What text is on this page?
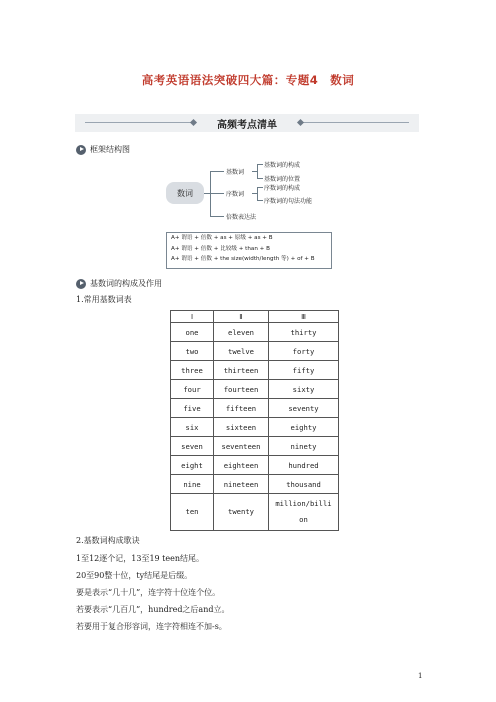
高考英语语法突破四大篇：专题4　数词
高频考点清单
框架结构图
数词
基数词
序数词
倍数表达法
基数词的构成
基数词的位置
序数词的构成
序数词的句法功能
A+ 谓语 + 倍数 + as + 原级 + as + B
A+ 谓语 + 倍数 + 比较级 + than + B
A+ 谓语 + 倍数 + the size(width/length 等) + of + B
基数词的构成及作用
1.常用基数词表
Ⅰ	Ⅱ	Ⅲ
one	eleven	thirty
two	twelve	forty
three	thirteen	fifty
four	fourteen	sixty
five	fifteen	seventy
six	sixteen	eighty
seven	seventeen	ninety
eight	eighteen	hundred
nine	nineteen	thousand
ten	twenty	million/billi
on
2.基数词构成歌诀
1至12逐个记，13至19 teen结尾。
20至90整十位，ty结尾是后缀。
要是表示“几十几”，连字符十位连个位。
若要表示“几百几”，hundred之后and立。
若要用于复合形容词，连字符相连不加-s。
1
